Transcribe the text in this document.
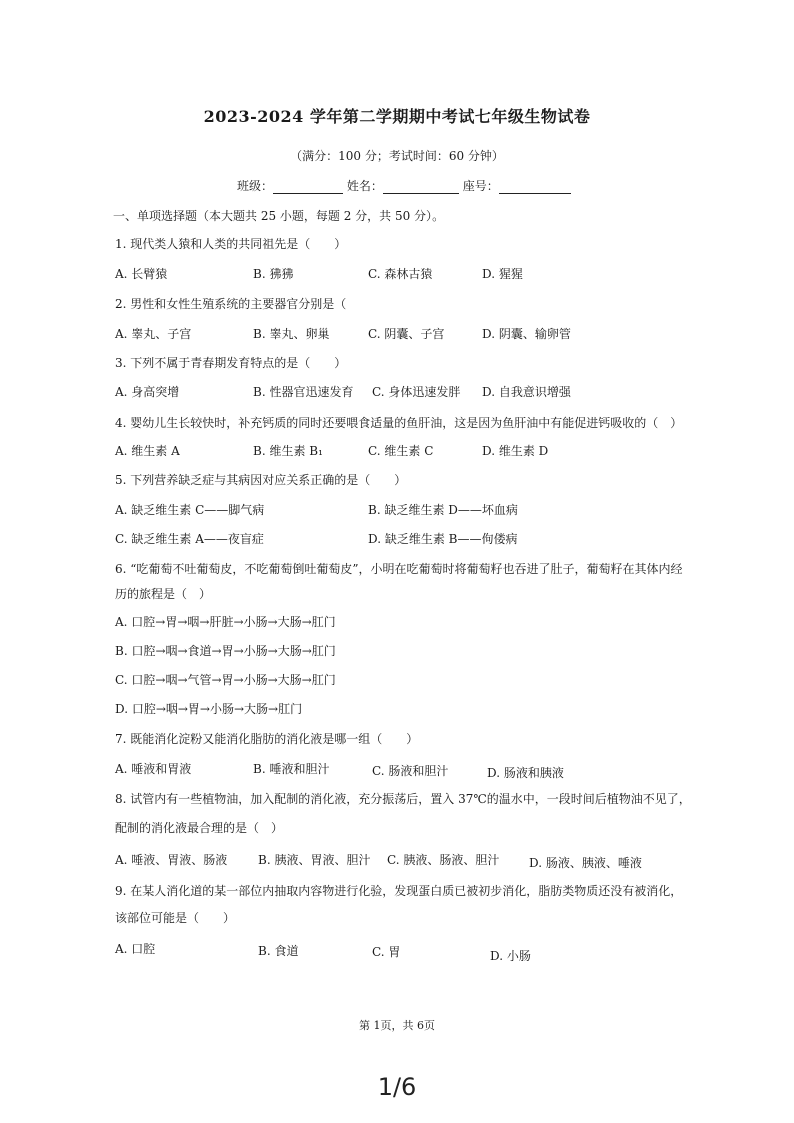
2023-2024 学年第二学期期中考试七年级生物试卷
（满分：100 分；考试时间：60 分钟）
班级：	姓名：	座号：
一、单项选择题（本大题共 25 小题，每题 2 分，共 50 分）。
1. 现代类人猿和人类的共同祖先是（　　）
A. 长臂猿	B. 狒狒	C. 森林古猿	D. 猩猩
2. 男性和女性生殖系统的主要器官分别是（
A. 睾丸、子宫	B. 睾丸、卵巢	C. 阴囊、子宫	D. 阴囊、输卵管
3. 下列不属于青春期发育特点的是（　　）
A. 身高突增	B. 性器官迅速发育 C. 身体迅速发胖 D. 自我意识增强
4. 婴幼儿生长较快时，补充钙质的同时还要喂食适量的鱼肝油，这是因为鱼肝油中有能促进钙吸收的（　）
A. 维生素 A	B. 维生素 B₁	C. 维生素 C	D. 维生素 D
5. 下列营养缺乏症与其病因对应关系正确的是（　　）
A. 缺乏维生素 C——脚气病	B. 缺乏维生素 D——坏血病
C. 缺乏维生素 A——夜盲症	D. 缺乏维生素 B——佝偻病
6. “吃葡萄不吐葡萄皮，不吃葡萄倒吐葡萄皮”，小明在吃葡萄时将葡萄籽也吞进了肚子，葡萄籽在其体内经
历的旅程是（　）
A. 口腔→胃→咽→肝脏→小肠→大肠→肛门
B. 口腔→咽→食道→胃→小肠→大肠→肛门
C. 口腔→咽→气管→胃→小肠→大肠→肛门
D. 口腔→咽→胃→小肠→大肠→肛门
7. 既能消化淀粉又能消化脂肪的消化液是哪一组（　　）
A. 唾液和胃液	B. 唾液和胆汁	C. 肠液和胆汁	D. 肠液和胰液
8. 试管内有一些植物油，加入配制的消化液，充分振荡后，置入 37℃的温水中，一段时间后植物油不见了，
配制的消化液最合理的是（　）
A. 唾液、胃液、肠液	B. 胰液、胃液、胆汁 C. 胰液、肠液、胆汁 D. 肠液、胰液、唾液
9. 在某人消化道的某一部位内抽取内容物进行化验，发现蛋白质已被初步消化，脂肪类物质还没有被消化，
该部位可能是（　　）
A. 口腔	B. 食道	C. 胃	D. 小肠
第 1页，共 6页
1/6
